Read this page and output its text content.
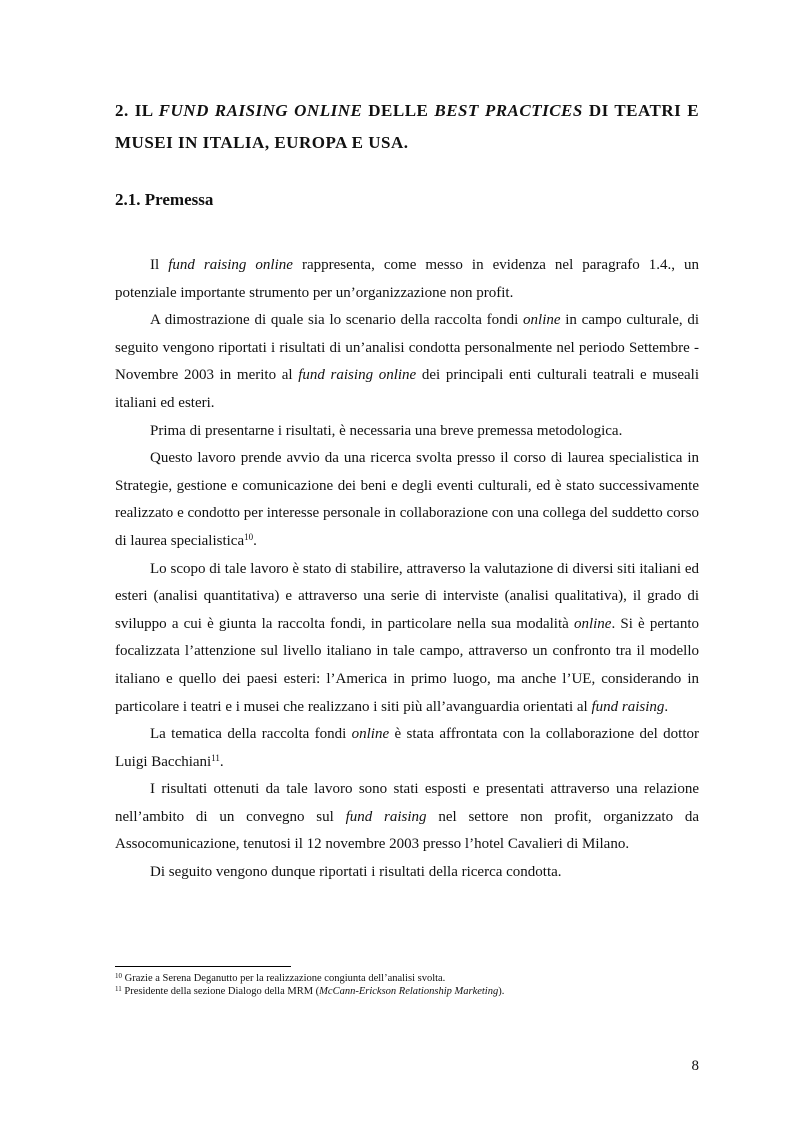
2. IL FUND RAISING ONLINE DELLE BEST PRACTICES DI TEATRI E MUSEI IN ITALIA, EUROPA E USA.
2.1. Premessa

Il fund raising online rappresenta, come messo in evidenza nel paragrafo 1.4., un potenziale importante strumento per un’organizzazione non profit.

A dimostrazione di quale sia lo scenario della raccolta fondi online in campo culturale, di seguito vengono riportati i risultati di un’analisi condotta personalmente nel periodo Settembre - Novembre 2003 in merito al fund raising online dei principali enti culturali teatrali e museali italiani ed esteri.

Prima di presentarne i risultati, è necessaria una breve premessa metodologica.

Questo lavoro prende avvio da una ricerca svolta presso il corso di laurea specialistica in Strategie, gestione e comunicazione dei beni e degli eventi culturali, ed è stato successivamente realizzato e condotto per interesse personale in collaborazione con una collega del suddetto corso di laurea specialistica$^{10}$.

Lo scopo di tale lavoro è stato di stabilire, attraverso la valutazione di diversi siti italiani ed esteri (analisi quantitativa) e attraverso una serie di interviste (analisi qualitativa), il grado di sviluppo a cui è giunta la raccolta fondi, in particolare nella sua modalità online. Si è pertanto focalizzata l’attenzione sul livello italiano in tale campo, attraverso un confronto tra il modello italiano e quello dei paesi esteri: l’America in primo luogo, ma anche l’UE, considerando in particolare i teatri e i musei che realizzano i siti più all’avanguardia orientati al fund raising.

La tematica della raccolta fondi online è stata affrontata con la collaborazione del dottor Luigi Bacchiani$^{11}$.

I risultati ottenuti da tale lavoro sono stati esposti e presentati attraverso una relazione nell’ambito di un convegno sul fund raising nel settore non profit, organizzato da Assocomunicazione, tenutosi il 12 novembre 2003 presso l’hotel Cavalieri di Milano.

Di seguito vengono dunque riportati i risultati della ricerca condotta.

$^{10}$ Grazie a Serena Deganutto per la realizzazione congiunta dell’analisi svolta.
$^{11}$ Presidente della sezione Dialogo della MRM (McCann-Erickson Relationship Marketing).
8
